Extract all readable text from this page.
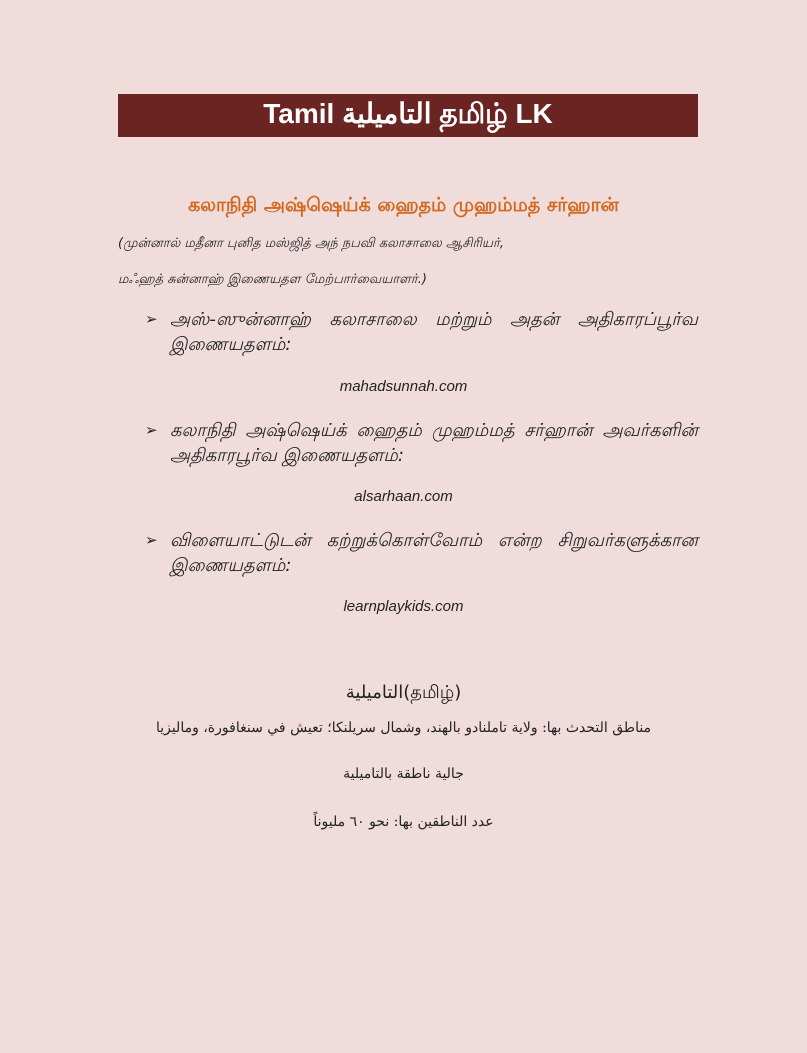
Tamil التاميلية தமிழ் LK
கலாநிதி அஷ்ஷெய்க் ஹைதம் முஹம்மத் சர்ஹான்
(முன்னால் மதீனா புனித மஸ்ஜித் அந் நபவி கலாசாலை ஆசிரியர்,
மஃஹத் சுன்னாஹ் இணையதள மேற்பார்வையாளர்.)
➢ அஸ்-ஸுன்னாஹ் கலாசாலை மற்றும் அதன் அதிகாரப்பூர்வ இணையதளம்:
mahadsunnah.com
➢ கலாநிதி அஷ்ஷெய்க் ஹைதம் முஹம்மத் சர்ஹான் அவர்களின் அதிகாரபூர்வ இணையதளம்:
alsarhaan.com
➢ விளையாட்டுடன் கற்றுக்கொள்வோம் என்ற சிறுவர்களுக்கான இணையதளம்:
learnplaykids.com
التاميلية(தமிழ்)
مناطق التحدث بها: ولاية تاملنادو بالهند، وشمال سريلنكا؛ تعيش في سنغافورة، وماليزيا
جالية ناطقة بالتاميلية
عدد الناطقين بها: نحو ٦٠ مليوناً
